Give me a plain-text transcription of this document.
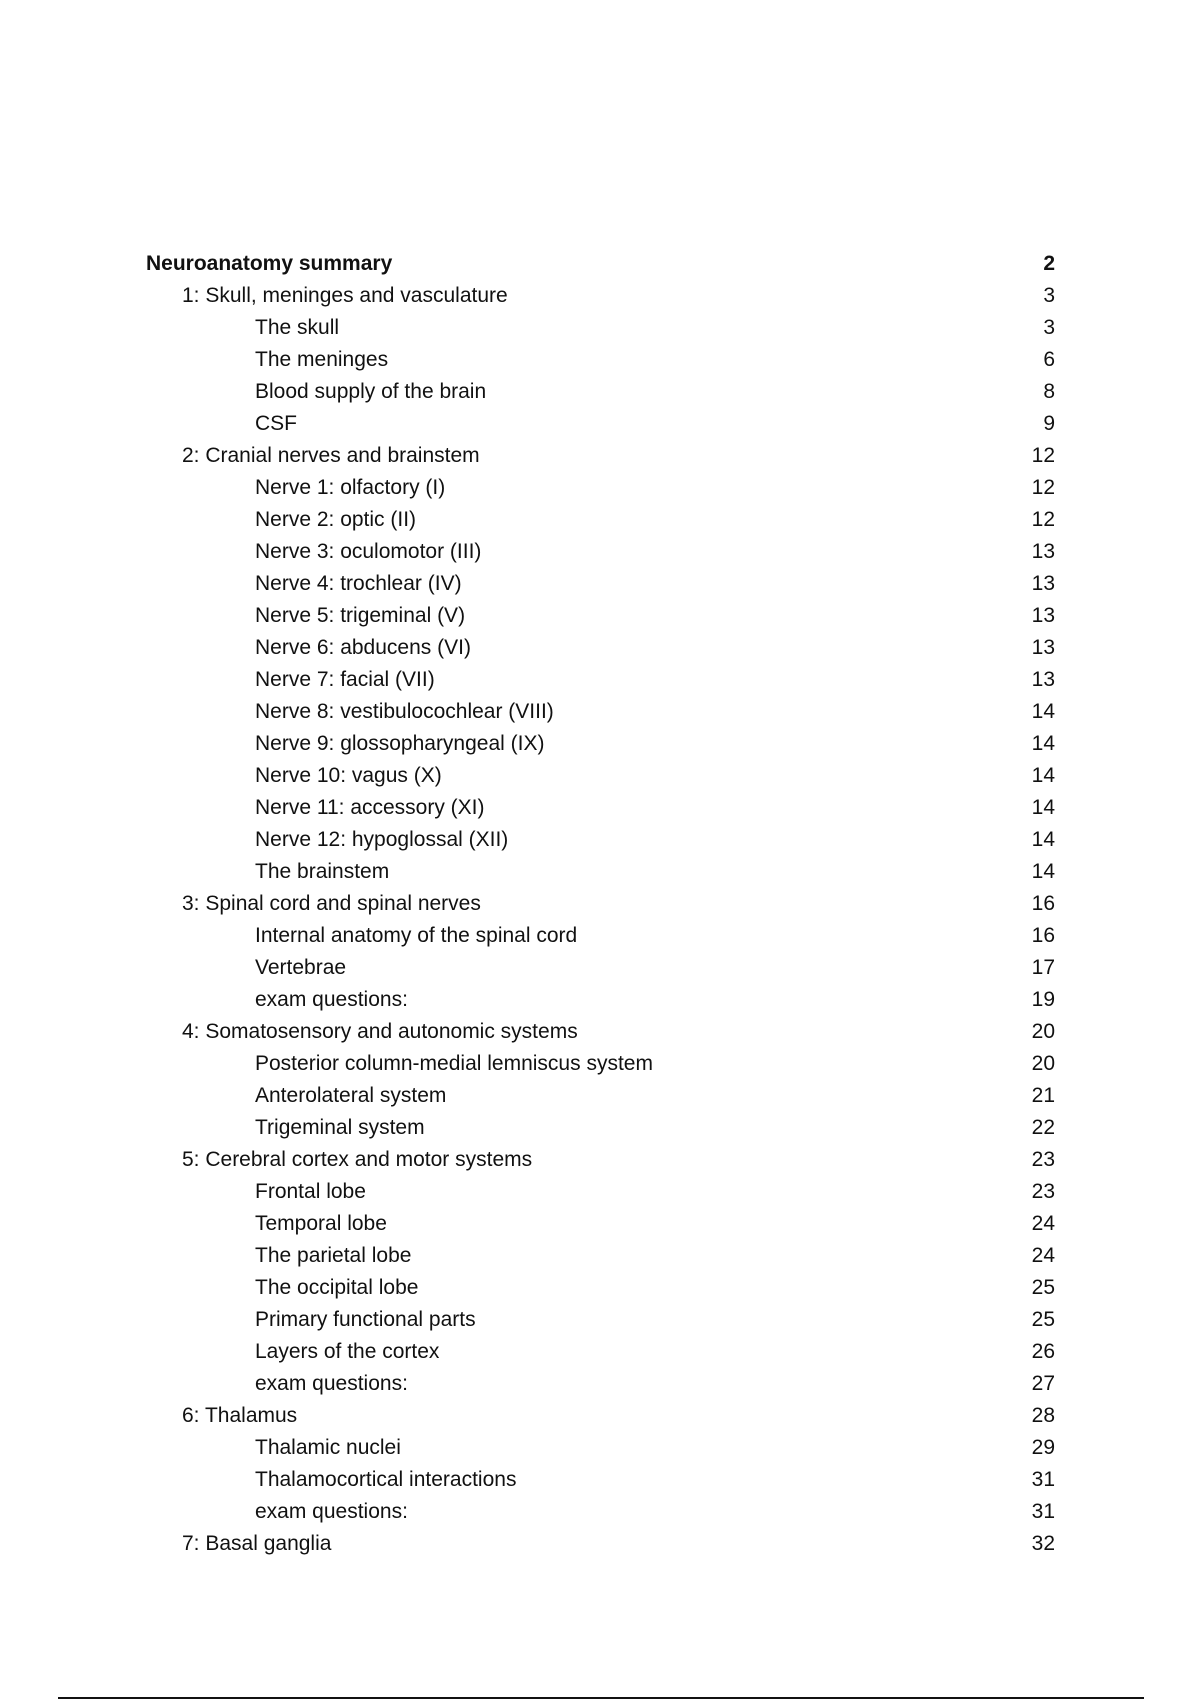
Neuroanatomy summary	2
1: Skull, meninges and vasculature	3
The skull	3
The meninges	6
Blood supply of the brain	8
CSF	9
2: Cranial nerves and brainstem	12
Nerve 1: olfactory (I)	12
Nerve 2: optic (II)	12
Nerve 3: oculomotor (III)	13
Nerve 4: trochlear (IV)	13
Nerve 5: trigeminal (V)	13
Nerve 6: abducens (VI)	13
Nerve 7: facial (VII)	13
Nerve 8: vestibulocochlear (VIII)	14
Nerve 9: glossopharyngeal (IX)	14
Nerve 10: vagus (X)	14
Nerve 11: accessory (XI)	14
Nerve 12: hypoglossal (XII)	14
The brainstem	14
3: Spinal cord and spinal nerves	16
Internal anatomy of the spinal cord	16
Vertebrae	17
exam questions:	19
4: Somatosensory and autonomic systems	20
Posterior column-medial lemniscus system	20
Anterolateral system	21
Trigeminal system	22
5: Cerebral cortex and motor systems	23
Frontal lobe	23
Temporal lobe	24
The parietal lobe	24
The occipital lobe	25
Primary functional parts	25
Layers of the cortex	26
exam questions:	27
6: Thalamus	28
Thalamic nuclei	29
Thalamocortical interactions	31
exam questions:	31
7: Basal ganglia	32
